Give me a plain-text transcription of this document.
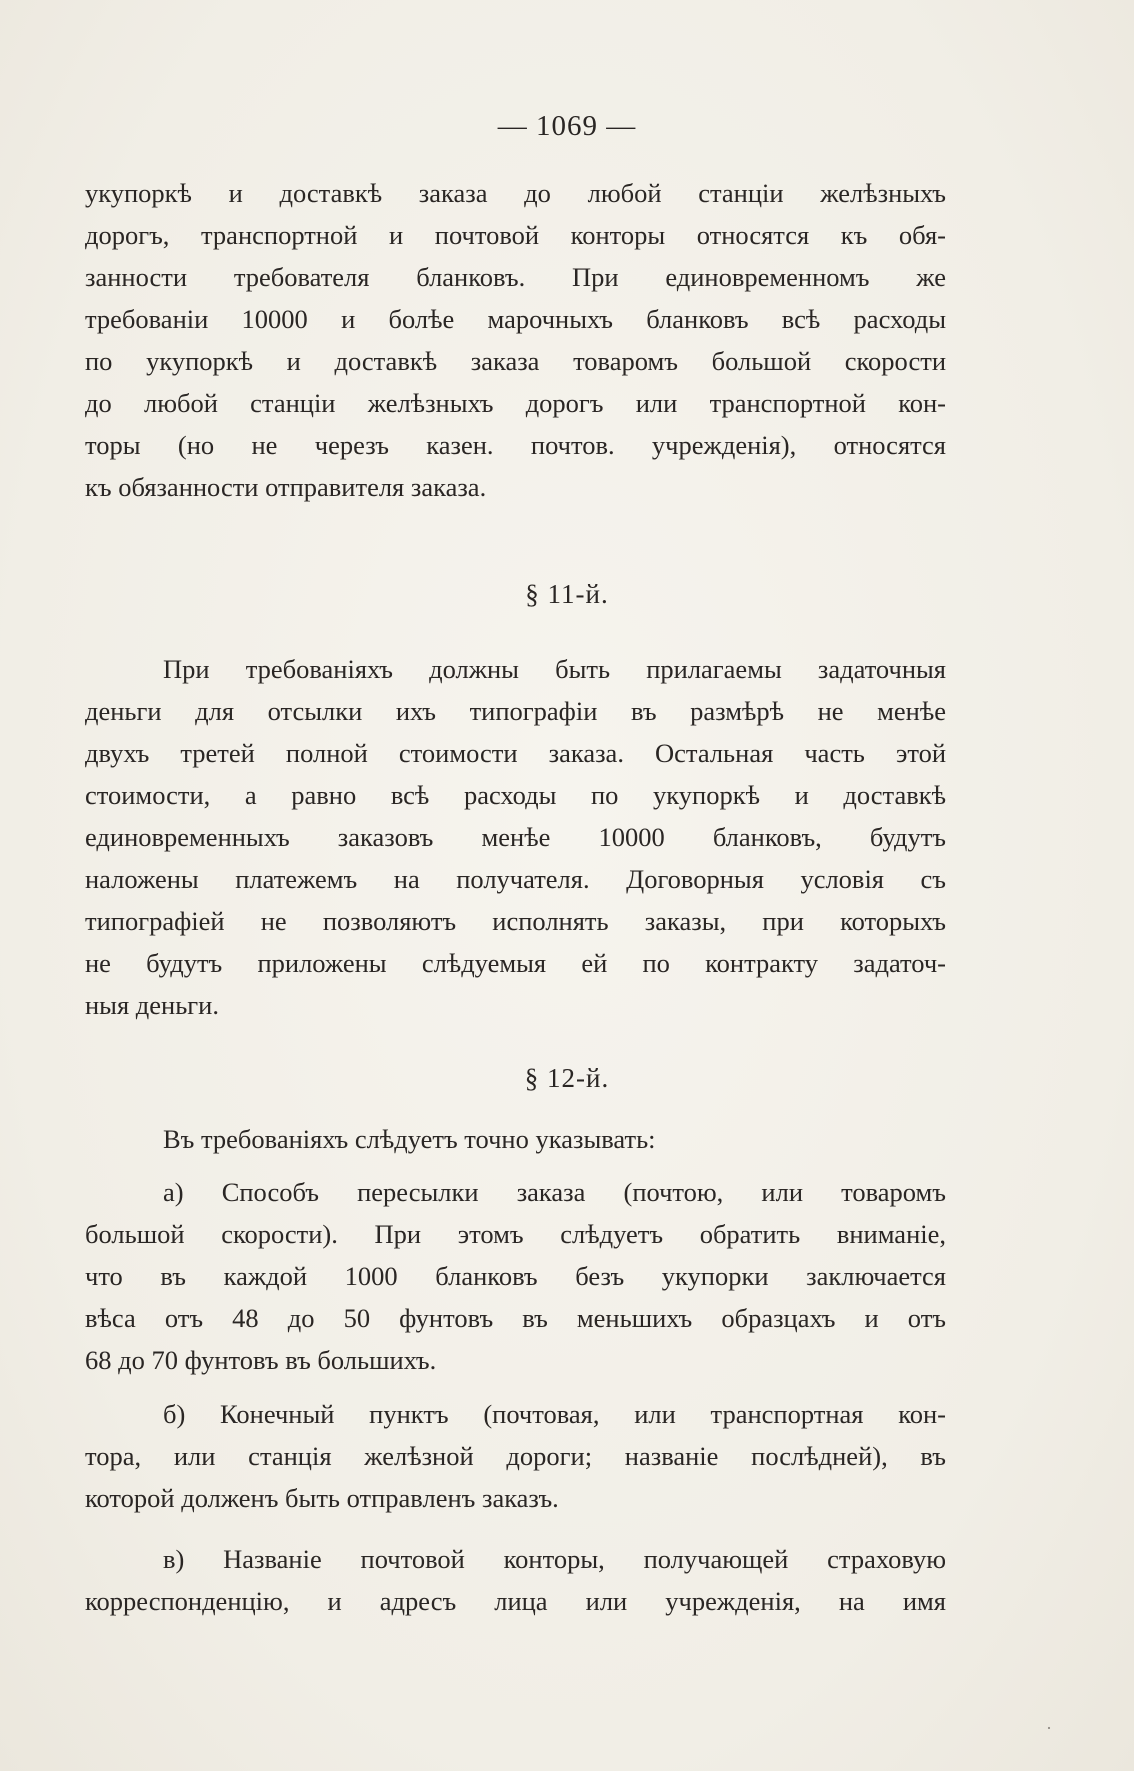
— 1069 —
укупоркѣ и доставкѣ заказа до любой станціи желѣзныхъ
дорогъ, транспортной и почтовой конторы относятся къ обя-
занности требователя бланковъ. При единовременномъ же
требованіи 10000 и болѣе марочныхъ бланковъ всѣ расходы
по укупоркѣ и доставкѣ заказа товаромъ большой скорости
до любой станціи желѣзныхъ дорогъ или транспортной кон-
торы (но не черезъ казен. почтов. учрежденія), относятся
къ обязанности отправителя заказа.
§ 11-й.
При требованіяхъ должны быть прилагаемы задаточныя
деньги для отсылки ихъ типографіи въ размѣрѣ не менѣе
двухъ третей полной стоимости заказа. Остальная часть этой
стоимости, а равно всѣ расходы по укупоркѣ и доставкѣ
единовременныхъ заказовъ менѣе 10000 бланковъ, будутъ
наложены платежемъ на получателя. Договорныя условія съ
типографіей не позволяютъ исполнять заказы, при которыхъ
не будутъ приложены слѣдуемыя ей по контракту задаточ-
ныя деньги.
§ 12-й.
Въ требованіяхъ слѣдуетъ точно указывать:
а) Способъ пересылки заказа (почтою, или товаромъ
большой скорости). При этомъ слѣдуетъ обратить вниманіе,
что въ каждой 1000 бланковъ безъ укупорки заключается
вѣса отъ 48 до 50 фунтовъ въ меньшихъ образцахъ и отъ
68 до 70 фунтовъ въ большихъ.
б) Конечный пунктъ (почтовая, или транспортная кон-
тора, или станція желѣзной дороги; названіе послѣдней), въ
которой долженъ быть отправленъ заказъ.
в) Названіе почтовой конторы, получающей страховую
корреспонденцію, и адресъ лица или учрежденія, на имя
·
